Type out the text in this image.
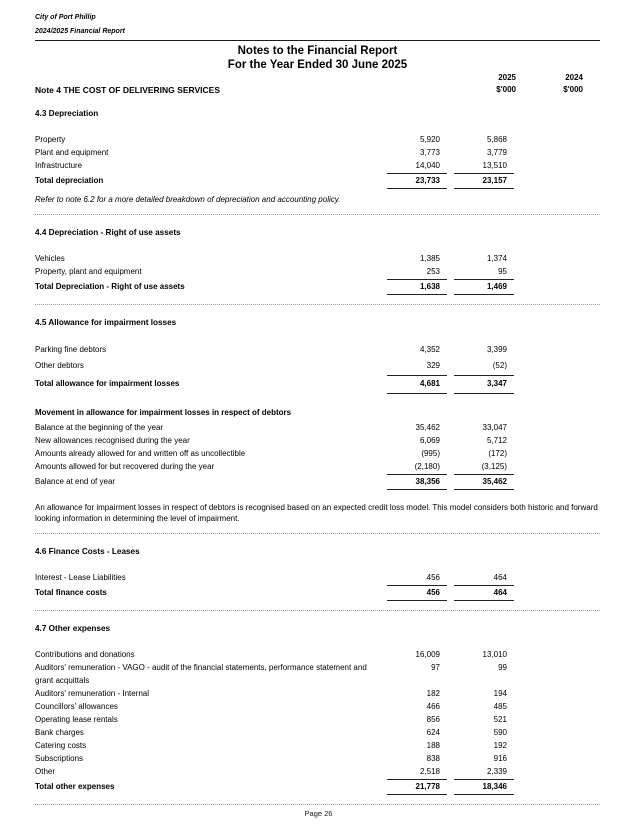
City of Port Phillip
2024/2025 Financial Report
Notes to the Financial Report
For the Year Ended 30 June 2025
2025	2024
Note 4 THE COST OF DELIVERING SERVICES	$'000	$'000
4.3 Depreciation
Property	5,920	5,868
Plant and equipment	3,773	3,779
Infrastructure	14,040	13,510
Total depreciation	23,733	23,157
Refer to note 6.2 for a more detailed breakdown of depreciation and accounting policy.
4.4 Depreciation - Right of use assets
Vehicles	1,385	1,374
Property, plant and equipment	253	95
Total Depreciation - Right of use assets	1,638	1,469
4.5 Allowance for impairment losses
Parking fine debtors	4,352	3,399
Other debtors	329	(52)
Total allowance for impairment losses	4,681	3,347
Movement in allowance for impairment losses in respect of debtors
Balance at the beginning of the year	35,462	33,047
New allowances recognised during the year	6,069	5,712
Amounts already allowed for and written off as uncollectible	(995)	(172)
Amounts allowed for but recovered during the year	(2,180)	(3,125)
Balance at end of year	38,356	35,462
An allowance for impairment losses in respect of debtors is recognised based on an expected credit loss model. This model considers both historic and forward looking information in determining the level of impairment.
4.6 Finance Costs - Leases
Interest - Lease Liabilities	456	464
Total finance costs	456	464
4.7 Other expenses
Contributions and donations	16,009	13,010
Auditors' remuneration - VAGO - audit of the financial statements, performance statement and grant acquittals
97	99
Auditors' remuneration - Internal	182	194
Councillors' allowances	466	485
Operating lease rentals	856	521
Bank charges	624	590
Catering costs	188	192
Subscriptions	838	916
Other	2,518	2,339
Total other expenses	21,778	18,346
Page 26
